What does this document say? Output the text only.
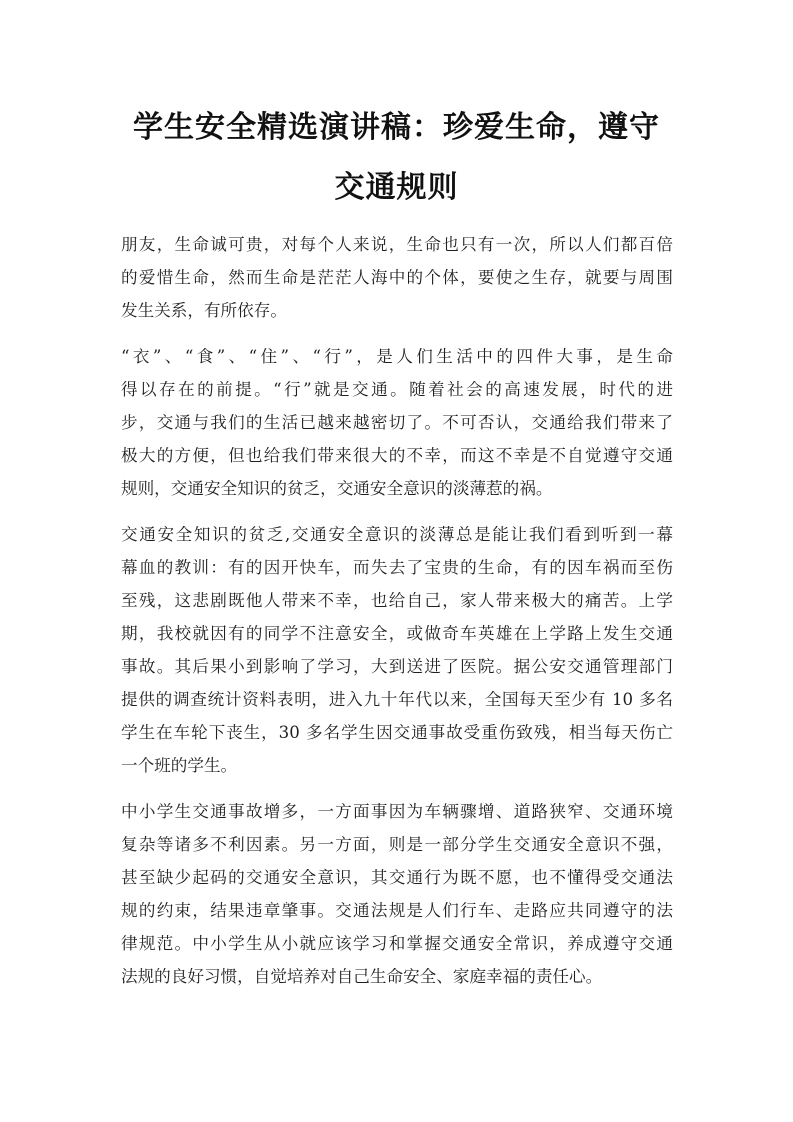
学生安全精选演讲稿：珍爱生命，遵守
交通规则

朋友，生命诚可贵，对每个人来说，生命也只有一次，所以人们都百倍
的爱惜生命，然而生命是茫茫人海中的个体，要使之生存，就要与周围
发生关系，有所依存。

“衣”、“食”、“住”、“行”，是人们生活中的四件大事，是生命
得以存在的前提。“行”就是交通。随着社会的高速发展，时代的进
步，交通与我们的生活已越来越密切了。不可否认，交通给我们带来了
极大的方便，但也给我们带来很大的不幸，而这不幸是不自觉遵守交通
规则，交通安全知识的贫乏，交通安全意识的淡薄惹的祸。

交通安全知识的贫乏,交通安全意识的淡薄总是能让我们看到听到一幕
幕血的教训：有的因开快车，而失去了宝贵的生命，有的因车祸而至伤
至残，这悲剧既他人带来不幸，也给自己，家人带来极大的痛苦。上学
期，我校就因有的同学不注意安全，或做奇车英雄在上学路上发生交通
事故。其后果小到影响了学习，大到送进了医院。据公安交通管理部门
提供的调查统计资料表明，进入九十年代以来，全国每天至少有 10 多名
学生在车轮下丧生，30 多名学生因交通事故受重伤致残，相当每天伤亡
一个班的学生。

中小学生交通事故增多，一方面事因为车辆骤增、道路狭窄、交通环境
复杂等诸多不利因素。另一方面，则是一部分学生交通安全意识不强，
甚至缺少起码的交通安全意识，其交通行为既不愿，也不懂得受交通法
规的约束，结果违章肇事。交通法规是人们行车、走路应共同遵守的法
律规范。中小学生从小就应该学习和掌握交通安全常识，养成遵守交通
法规的良好习惯，自觉培养对自己生命安全、家庭幸福的责任心。
